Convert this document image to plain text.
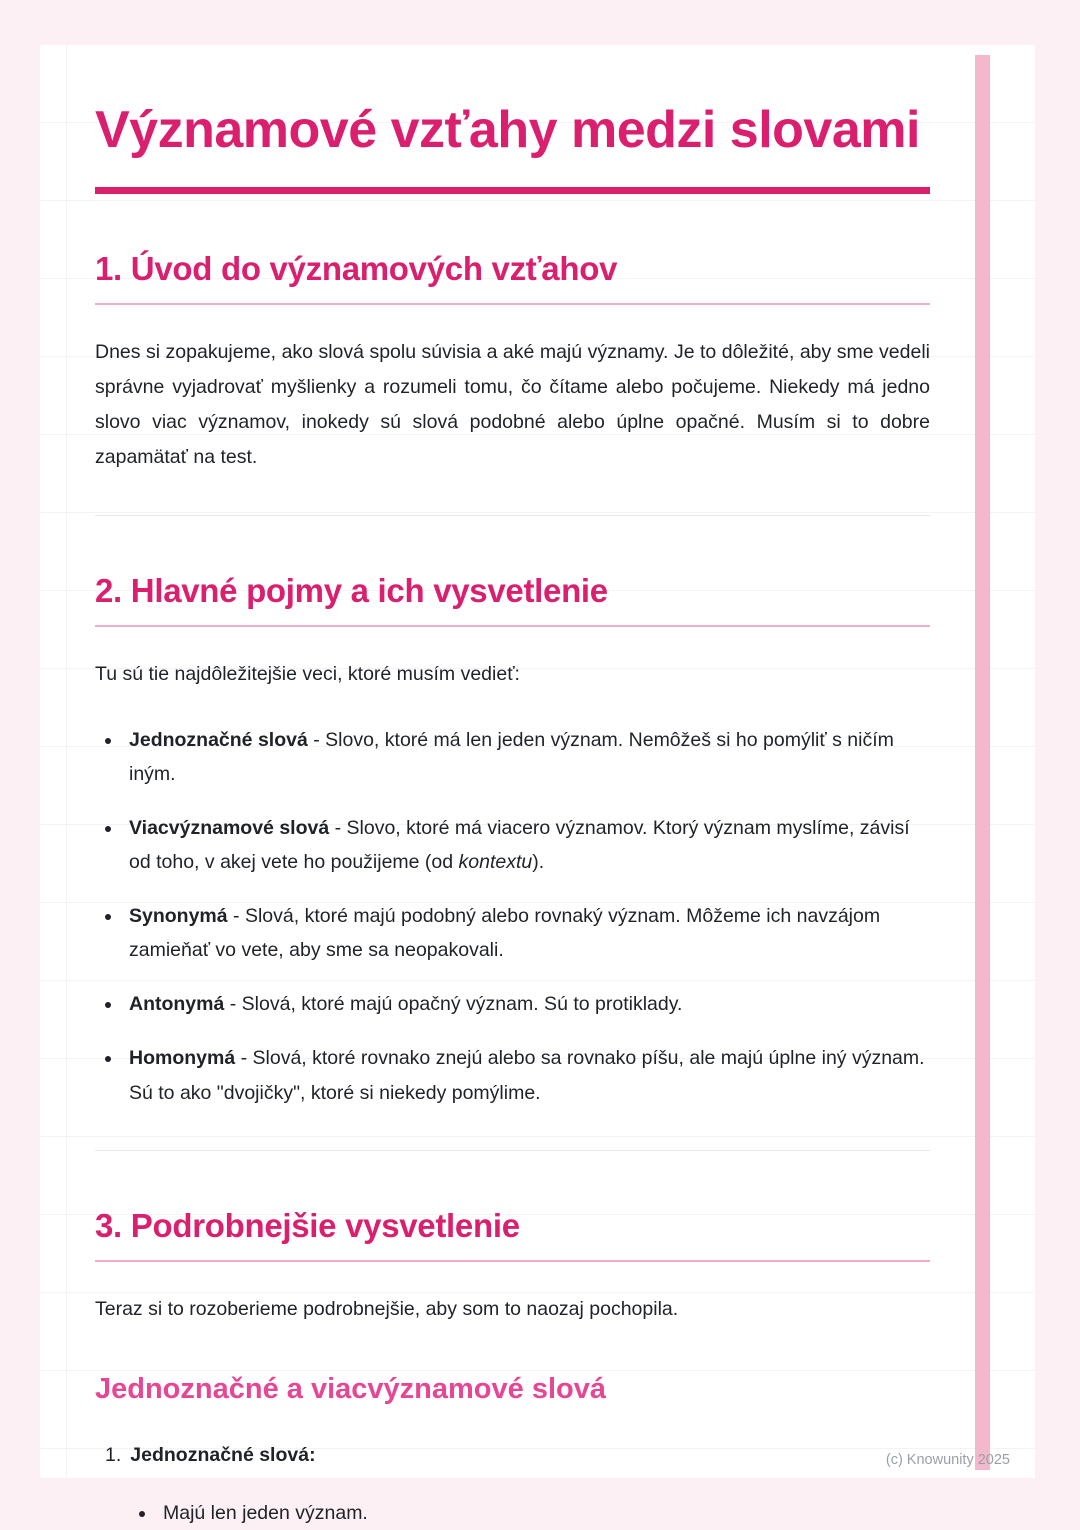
Významové vzťahy medzi slovami
1. Úvod do významových vzťahov

Dnes si zopakujeme, ako slová spolu súvisia a aké majú významy. Je to dôležité, aby sme vedeli správne vyjadrovať myšlienky a rozumeli tomu, čo čítame alebo počujeme. Niekedy má jedno slovo viac významov, inokedy sú slová podobné alebo úplne opačné. Musím si to dobre zapamätať na test.

2. Hlavné pojmy a ich vysvetlenie

Tu sú tie najdôležitejšie veci, ktoré musím vedieť:

• Jednoznačné slová - Slovo, ktoré má len jeden význam. Nemôžeš si ho pomýliť s ničím iným.
• Viacvýznamové slová - Slovo, ktoré má viacero významov. Ktorý význam myslíme, závisí od toho, v akej vete ho použijeme (od kontextu).
• Synonymá - Slová, ktoré majú podobný alebo rovnaký význam. Môžeme ich navzájom zamieňať vo vete, aby sme sa neopakovali.
• Antonymá - Slová, ktoré majú opačný význam. Sú to protiklady.
• Homonymá - Slová, ktoré rovnako znejú alebo sa rovnako píšu, ale majú úplne iný význam. Sú to ako "dvojičky", ktoré si niekedy pomýlime.
3. Podrobnejšie vysvetlenie

Teraz si to rozoberieme podrobnejšie, aby som to naozaj pochopila.

Jednoznačné a viacvýznamové slová
1. Jednoznačné slová:
• Majú len jeden význam.
(c) Knowunity 2025
